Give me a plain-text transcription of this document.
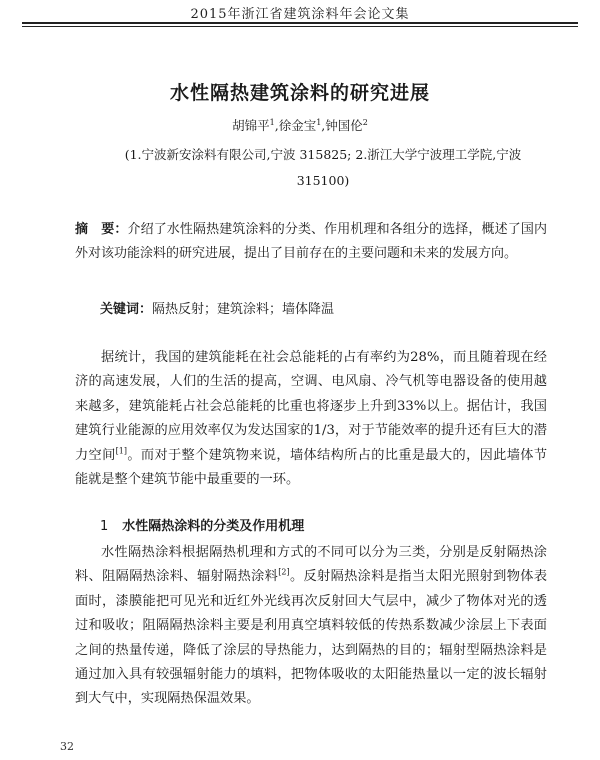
2015年浙江省建筑涂料年会论文集
水性隔热建筑涂料的研究进展
胡锦平$^1$,徐金宝$^1$,钟国伦$^2$
(1.宁波新安涂料有限公司,宁波 315825; 2.浙江大学宁波理工学院,宁波 315100)
摘　要：介绍了水性隔热建筑涂料的分类、作用机理和各组分的选择，概述了国内外对该功能涂料的研究进展，提出了目前存在的主要问题和未来的发展方向。
关键词：隔热反射；建筑涂料；墙体降温
据统计，我国的建筑能耗在社会总能耗的占有率约为28%，而且随着现在经济的高速发展，人们的生活的提高，空调、电风扇、冷气机等电器设备的使用越来越多，建筑能耗占社会总能耗的比重也将逐步上升到33%以上。据估计，我国建筑行业能源的应用效率仅为发达国家的1/3，对于节能效率的提升还有巨大的潜力空间[1]。而对于整个建筑物来说，墙体结构所占的比重是最大的，因此墙体节能就是整个建筑节能中最重要的一环。
1 水性隔热涂料的分类及作用机理
水性隔热涂料根据隔热机理和方式的不同可以分为三类，分别是反射隔热涂料、阻隔隔热涂料、辐射隔热涂料[2]。反射隔热涂料是指当太阳光照射到物体表面时，漆膜能把可见光和近红外光线再次反射回大气层中，减少了物体对光的透过和吸收；阻隔隔热涂料主要是利用真空填料较低的传热系数减少涂层上下表面之间的热量传递，降低了涂层的导热能力，达到隔热的目的；辐射型隔热涂料是通过加入具有较强辐射能力的填料，把物体吸收的太阳能热量以一定的波长辐射到大气中，实现隔热保温效果。
32
